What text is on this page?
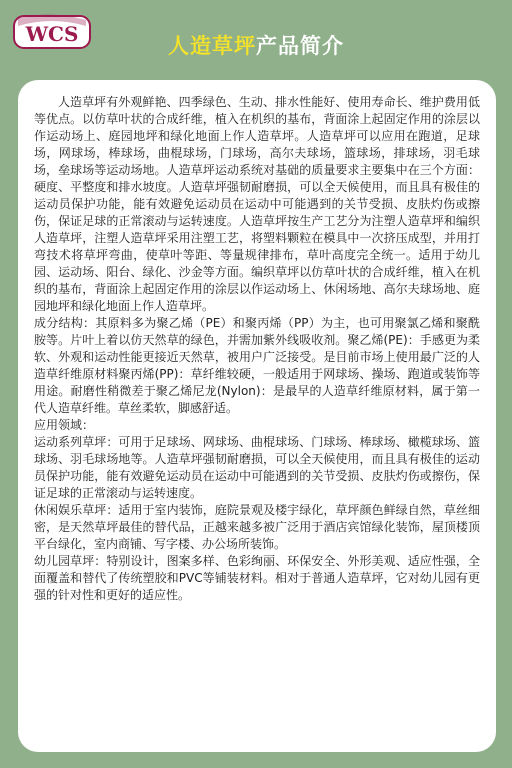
WCS	人造草坪产品简介

人造草坪有外观鲜艳、四季绿色、生动、排水性能好、使用寿命长、维护费用低等优点。以仿草叶状的合成纤维，植入在机织的基布，背面涂上起固定作用的涂层以作运动场上、庭园地坪和绿化地面上作人造草坪。人造草坪可以应用在跑道，足球场，网球场，棒球场，曲棍球场，门球场，高尔夫球场，篮球场，排球场，羽毛球场，垒球场等运动场地。人造草坪运动系统对基础的质量要求主要集中在三个方面：硬度、平整度和排水坡度。人造草坪强韧耐磨损，可以全天候使用，而且具有极佳的运动员保护功能，能有效避免运动员在运动中可能遇到的关节受损、皮肤灼伤或擦伤，保证足球的正常滚动与运转速度。人造草坪按生产工艺分为注塑人造草坪和编织人造草坪，注塑人造草坪采用注塑工艺，将塑料颗粒在模具中一次挤压成型，并用打弯技术将草坪弯曲，使草叶等距、等量规律排布，草叶高度完全统一。适用于幼儿园、运动场、阳台、绿化、沙金等方面。编织草坪以仿草叶状的合成纤维，植入在机织的基布，背面涂上起固定作用的涂层以作运动场上、休闲场地、高尔夫球场地、庭园地坪和绿化地面上作人造草坪。

成分结构：其原料多为聚乙烯（PE）和聚丙烯（PP）为主，也可用聚氯乙烯和聚酰胺等。片叶上着以仿天然草的绿色，并需加紫外线吸收剂。聚乙烯(PE)：手感更为柔软、外观和运动性能更接近天然草，被用户广泛接受。是目前市场上使用最广泛的人造草纤维原材料聚丙烯(PP)：草纤维较硬，一般适用于网球场、操场、跑道或装饰等用途。耐磨性稍微差于聚乙烯尼龙(Nylon)：是最早的人造草纤维原材料，属于第一代人造草纤维。草丝柔软，脚感舒适。

应用领域：

运动系列草坪：可用于足球场、网球场、曲棍球场、门球场、棒球场、橄榄球场、篮球场、羽毛球场地等。人造草坪强韧耐磨损，可以全天候使用，而且具有极佳的运动员保护功能，能有效避免运动员在运动中可能遇到的关节受损、皮肤灼伤或擦伤，保证足球的正常滚动与运转速度。

休闲娱乐草坪：适用于室内装饰，庭院景观及楼宇绿化，草坪颜色鲜绿自然，草丝细密，是天然草坪最佳的替代品，正越来越多被广泛用于酒店宾馆绿化装饰，屋顶楼顶平台绿化，室内商铺、写字楼、办公场所装饰。

幼儿园草坪：特别设计，图案多样、色彩绚丽、环保安全、外形美观、适应性强，全面覆盖和替代了传统塑胶和PVC等铺装材料。相对于普通人造草坪，它对幼儿园有更强的针对性和更好的适应性。
